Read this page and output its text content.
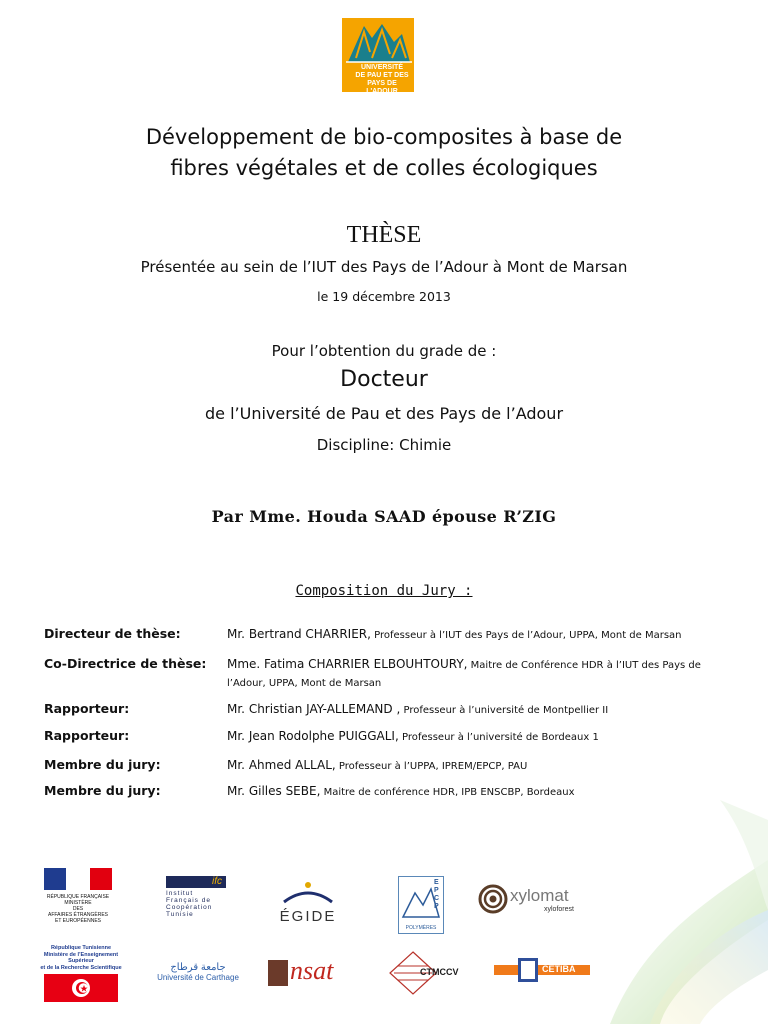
UNIVERSITÉ
DE PAU ET DES
PAYS DE L'ADOUR
Développement de bio-composites à base de
fibres végétales et de colles écologiques
THÈSE
Présentée au sein de l’IUT des Pays de l’Adour à Mont de Marsan
le 19 décembre 2013
Pour l’obtention du grade de :
Docteur
de l’Université de Pau et des Pays de l’Adour
Discipline: Chimie
Par Mme. Houda SAAD épouse R’ZIG
Composition du Jury :
Directeur de thèse:	Mr. Bertrand CHARRIER, Professeur à l’IUT des Pays de l’Adour, UPPA, Mont de Marsan
Co-Directrice de thèse: Mme. Fatima CHARRIER ELBOUHTOURY, Maitre de Conférence HDR à l’IUT des Pays de l’Adour, UPPA, Mont de Marsan
Rapporteur:	Mr. Christian JAY-ALLEMAND , Professeur à l’université de Montpellier II
Rapporteur:	Mr. Jean Rodolphe PUIGGALI, Professeur à l’université de Bordeaux 1
Membre du jury:	Mr. Ahmed ALLAL, Professeur à l’UPPA, IPREM/EPCP, PAU
Membre du jury:	Mr. Gilles SEBE, Maitre de conférence HDR, IPB ENSCBP, Bordeaux
RÉPUBLIQUE FRANÇAISE
MINISTÈRE
DES
AFFAIRES ÉTRANGÈRES
ET EUROPÉENNES
ifc
Institut
Français de
Coopération
Tunisie	ÉGIDE
EPCP
POLYMÈRES
xylomat
xyloforest
République Tunisienne
Ministère de l’Enseignement Supérieur
et de la Recherche Scientifique	جامعة قرطاج
Université de Carthage	nsat	CTMCCV	CETIBA
